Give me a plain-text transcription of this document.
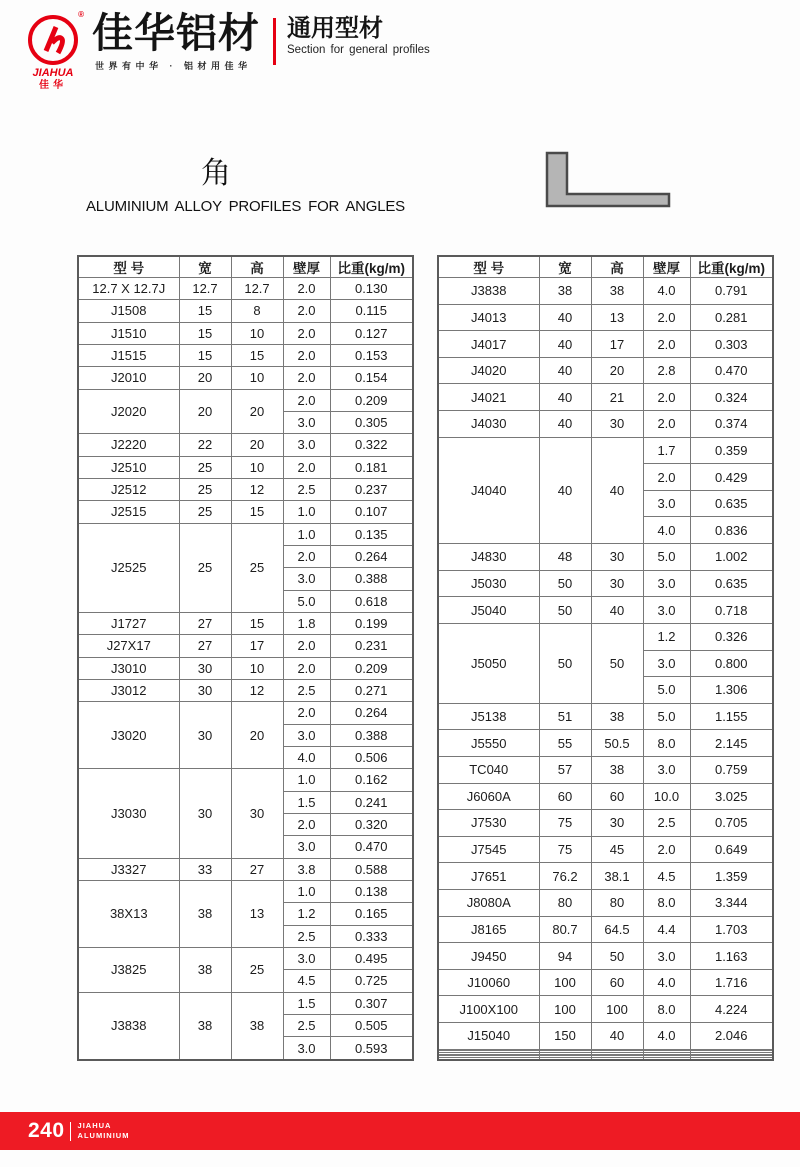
®
JIAHUA
佳华
佳华铝材
世界有中华 · 铝材用佳华
通用型材
Section for general profiles
角
ALUMINIUM ALLOY PROFILES FOR ANGLES
型 号	宽	高	壁厚	比重(kg/m)
12.7 X 12.7J	12.7	12.7	2.0	0.130
J1508	15	8	2.0	0.115
J1510	15	10	2.0	0.127
J1515	15	15	2.0	0.153
J2010	20	10	2.0	0.154
J2020	20	20	2.0	0.209
			3.0	0.305
J2220	22	20	3.0	0.322
J2510	25	10	2.0	0.181
J2512	25	12	2.5	0.237
J2515	25	15	1.0	0.107
J2525	25	25	1.0	0.135
			2.0	0.264
			3.0	0.388
			5.0	0.618
J1727	27	15	1.8	0.199
J27X17	27	17	2.0	0.231
J3010	30	10	2.0	0.209
J3012	30	12	2.5	0.271
J3020	30	20	2.0	0.264
			3.0	0.388
			4.0	0.506
J3030	30	30	1.0	0.162
			1.5	0.241
			2.0	0.320
			3.0	0.470
J3327	33	27	3.8	0.588
38X13	38	13	1.0	0.138
			1.2	0.165
			2.5	0.333
J3825	38	25	3.0	0.495
			4.5	0.725
J3838	38	38	1.5	0.307
			2.5	0.505
			3.0	0.593
型 号	宽	高	壁厚	比重(kg/m)
J3838	38	38	4.0	0.791
J4013	40	13	2.0	0.281
J4017	40	17	2.0	0.303
J4020	40	20	2.8	0.470
J4021	40	21	2.0	0.324
J4030	40	30	2.0	0.374
J4040	40	40	1.7	0.359
			2.0	0.429
			3.0	0.635
			4.0	0.836
J4830	48	30	5.0	1.002
J5030	50	30	3.0	0.635
J5040	50	40	3.0	0.718
J5050	50	50	1.2	0.326
			3.0	0.800
			5.0	1.306
J5138	51	38	5.0	1.155
J5550	55	50.5	8.0	2.145
TC040	57	38	3.0	0.759
J6060A	60	60	10.0	3.025
J7530	75	30	2.5	0.705
J7545	75	45	2.0	0.649
J7651	76.2	38.1	4.5	1.359
J8080A	80	80	8.0	3.344
J8165	80.7	64.5	4.4	1.703
J9450	94	50	3.0	1.163
J10060	100	60	4.0	1.716
J100X100	100	100	8.0	4.224
J15040	150	40	4.0	2.046

240 JIAHUA
ALUMINIUM
